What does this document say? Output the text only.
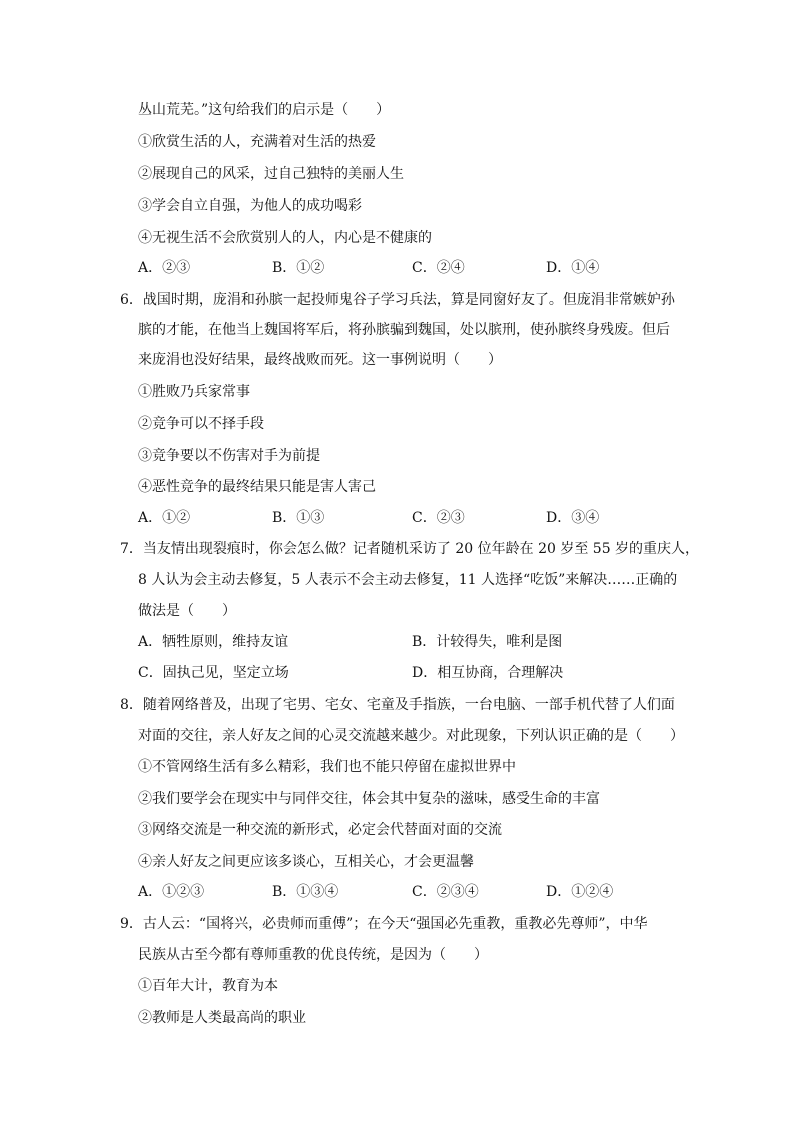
丛山荒芜。”这句给我们的启示是（　　）
①欣赏生活的人，充满着对生活的热爱
②展现自己的风采，过自己独特的美丽人生
③学会自立自强，为他人的成功喝彩
④无视生活不会欣赏别人的人，内心是不健康的
A．②③	B．①②	C．②④	D．①④
6．战国时期，庞涓和孙膑一起投师鬼谷子学习兵法，算是同窗好友了。但庞涓非常嫉妒孙
膑的才能，在他当上魏国将军后，将孙膑骗到魏国，处以膑刑，使孙膑终身残废。但后
来庞涓也没好结果，最终战败而死。这一事例说明（　　）
①胜败乃兵家常事
②竞争可以不择手段
③竞争要以不伤害对手为前提
④恶性竞争的最终结果只能是害人害己
A．①②	B．①③	C．②③	D．③④
7．当友情出现裂痕时，你会怎么做？记者随机采访了 20 位年龄在 20 岁至 55 岁的重庆人，
8 人认为会主动去修复，5 人表示不会主动去修复，11 人选择“吃饭”来解决……正确的
做法是（　　）
A．牺牲原则，维持友谊	B．计较得失，唯利是图
C．固执己见，坚定立场	D．相互协商，合理解决
8．随着网络普及，出现了宅男、宅女、宅童及手指族，一台电脑、一部手机代替了人们面
对面的交往，亲人好友之间的心灵交流越来越少。对此现象，下列认识正确的是（　　）
①不管网络生活有多么精彩，我们也不能只停留在虚拟世界中
②我们要学会在现实中与同伴交往，体会其中复杂的滋味，感受生命的丰富
③网络交流是一种交流的新形式，必定会代替面对面的交流
④亲人好友之间更应该多谈心，互相关心，才会更温馨
A．①②③	B．①③④	C．②③④	D．①②④
9．古人云：“国将兴，必贵师而重傅”；在今天“强国必先重教，重教必先尊师”，中华
民族从古至今都有尊师重教的优良传统，是因为（　　）
①百年大计，教育为本
②教师是人类最高尚的职业
